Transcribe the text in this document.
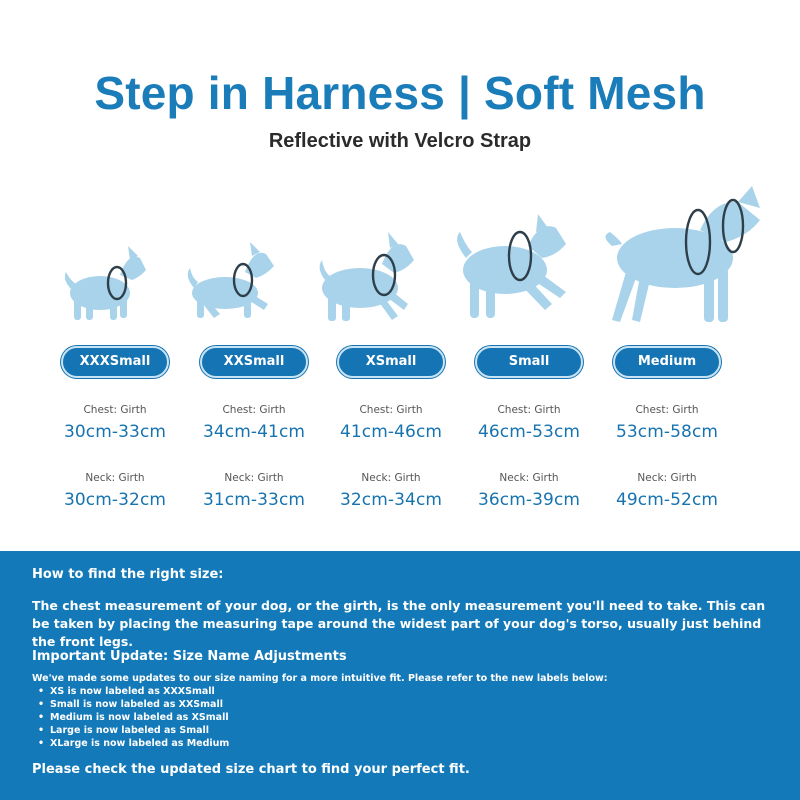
Step in Harness | Soft Mesh
Reflective with Velcro Strap
XXXSmall
Chest: Girth
30cm-33cm
Neck: Girth
30cm-32cm
XXSmall
Chest: Girth
34cm-41cm
Neck: Girth
31cm-33cm
XSmall
Chest: Girth
41cm-46cm
Neck: Girth
32cm-34cm
Small
Chest: Girth
46cm-53cm
Neck: Girth
36cm-39cm
Medium
Chest: Girth
53cm-58cm
Neck: Girth
49cm-52cm
How to find the right size:

The chest measurement of your dog, or the girth, is the only measurement you'll need to take. This can be taken by placing the measuring tape around the widest part of your dog's torso, usually just behind the front legs.

Important Update: Size Name Adjustments

We've made some updates to our size naming for a more intuitive fit. Please refer to the new labels below:

• XS is now labeled as XXXSmall
• Small is now labeled as XXSmall
• Medium is now labeled as XSmall
• Large is now labeled as Small
• XLarge is now labeled as Medium

Please check the updated size chart to find your perfect fit.
